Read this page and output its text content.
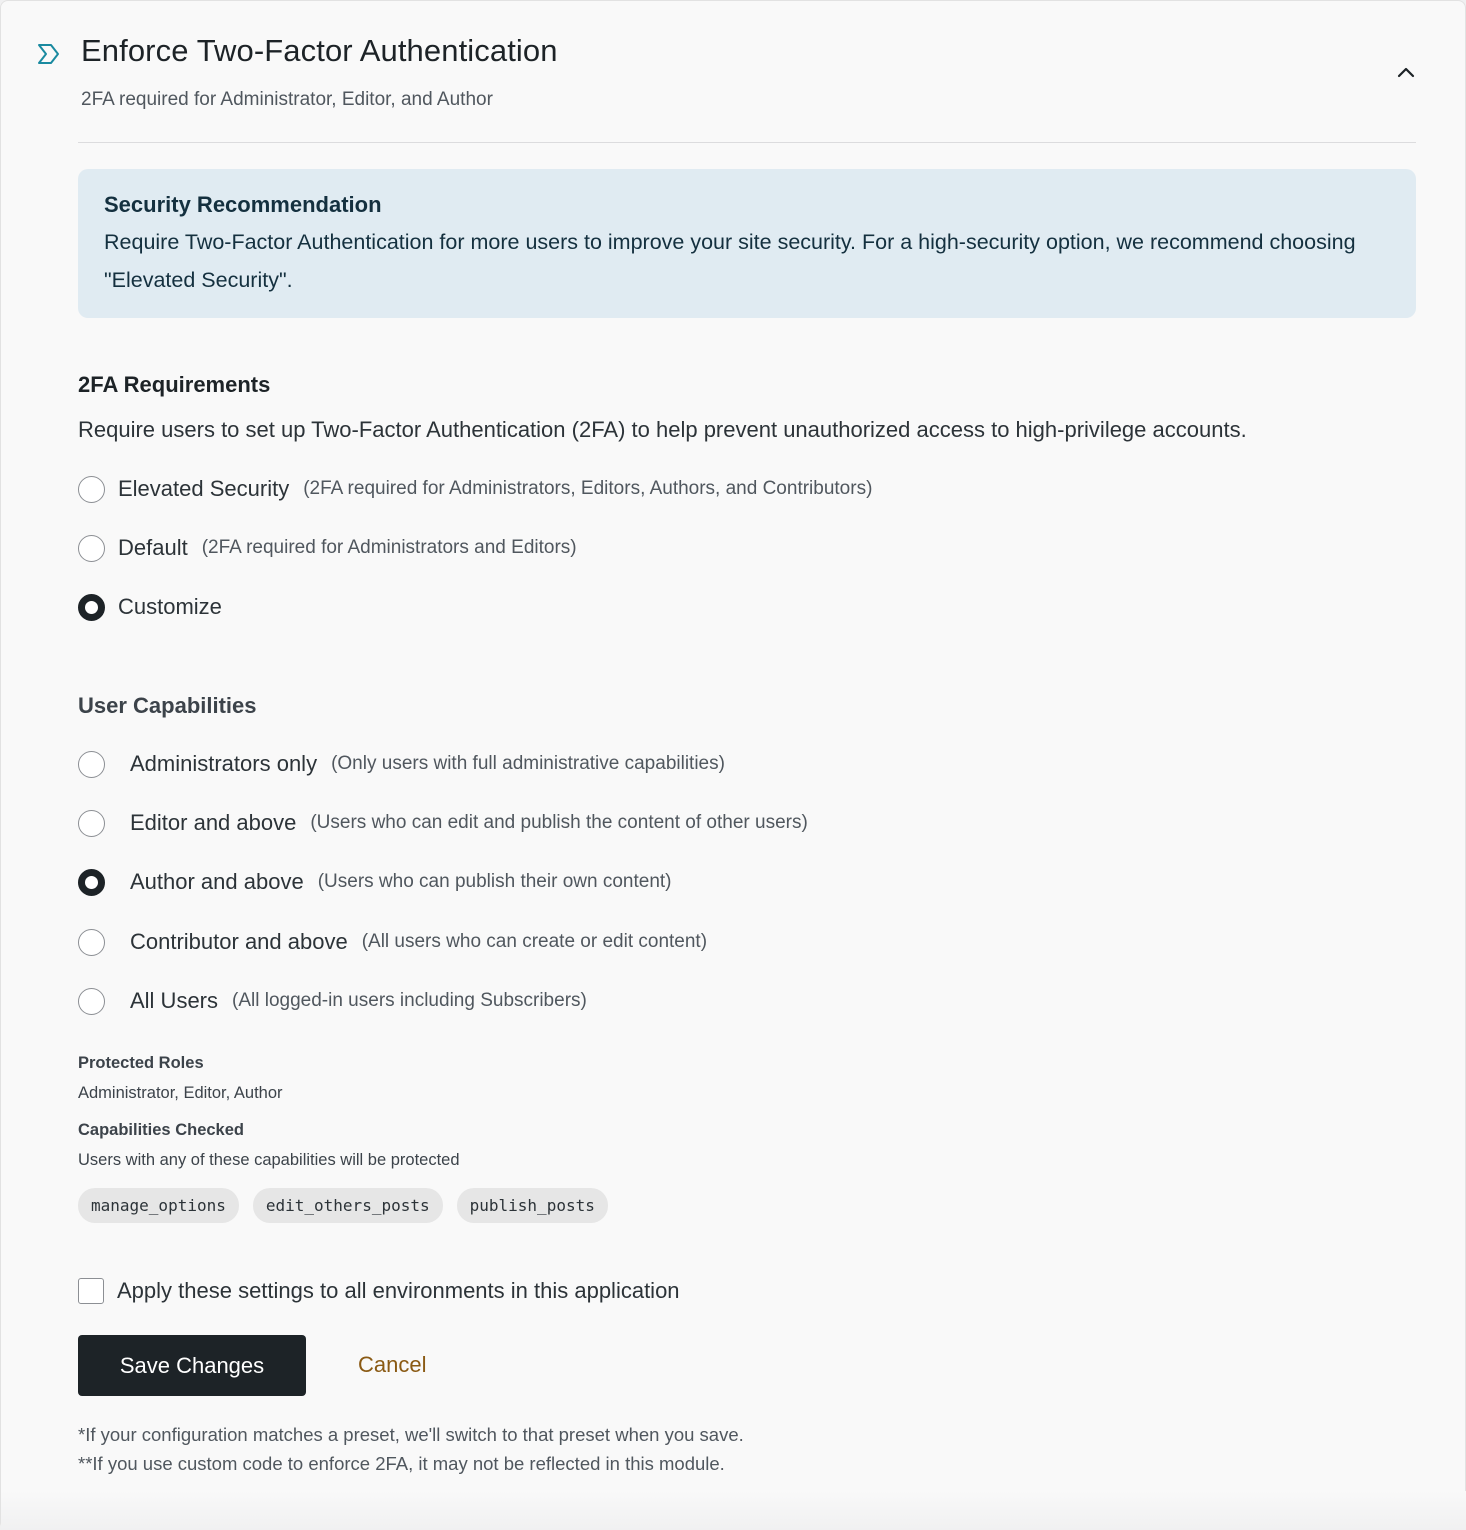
Enforce Two-Factor Authentication
2FA required for Administrator, Editor, and Author
Security Recommendation
Require Two-Factor Authentication for more users to improve your site security. For a high-security option, we recommend choosing "Elevated Security".
2FA Requirements
Require users to set up Two-Factor Authentication (2FA) to help prevent unauthorized access to high-privilege accounts.
Elevated Security (2FA required for Administrators, Editors, Authors, and Contributors)
Default (2FA required for Administrators and Editors)
Customize
User Capabilities
Administrators only (Only users with full administrative capabilities)
Editor and above (Users who can edit and publish the content of other users)
Author and above (Users who can publish their own content)
Contributor and above (All users who can create or edit content)
All Users (All logged-in users including Subscribers)
Protected Roles
Administrator, Editor, Author
Capabilities Checked
Users with any of these capabilities will be protected
manage_options	edit_others_posts	publish_posts
Apply these settings to all environments in this application
Save Changes	Cancel
*If your configuration matches a preset, we'll switch to that preset when you save.
**If you use custom code to enforce 2FA, it may not be reflected in this module.
